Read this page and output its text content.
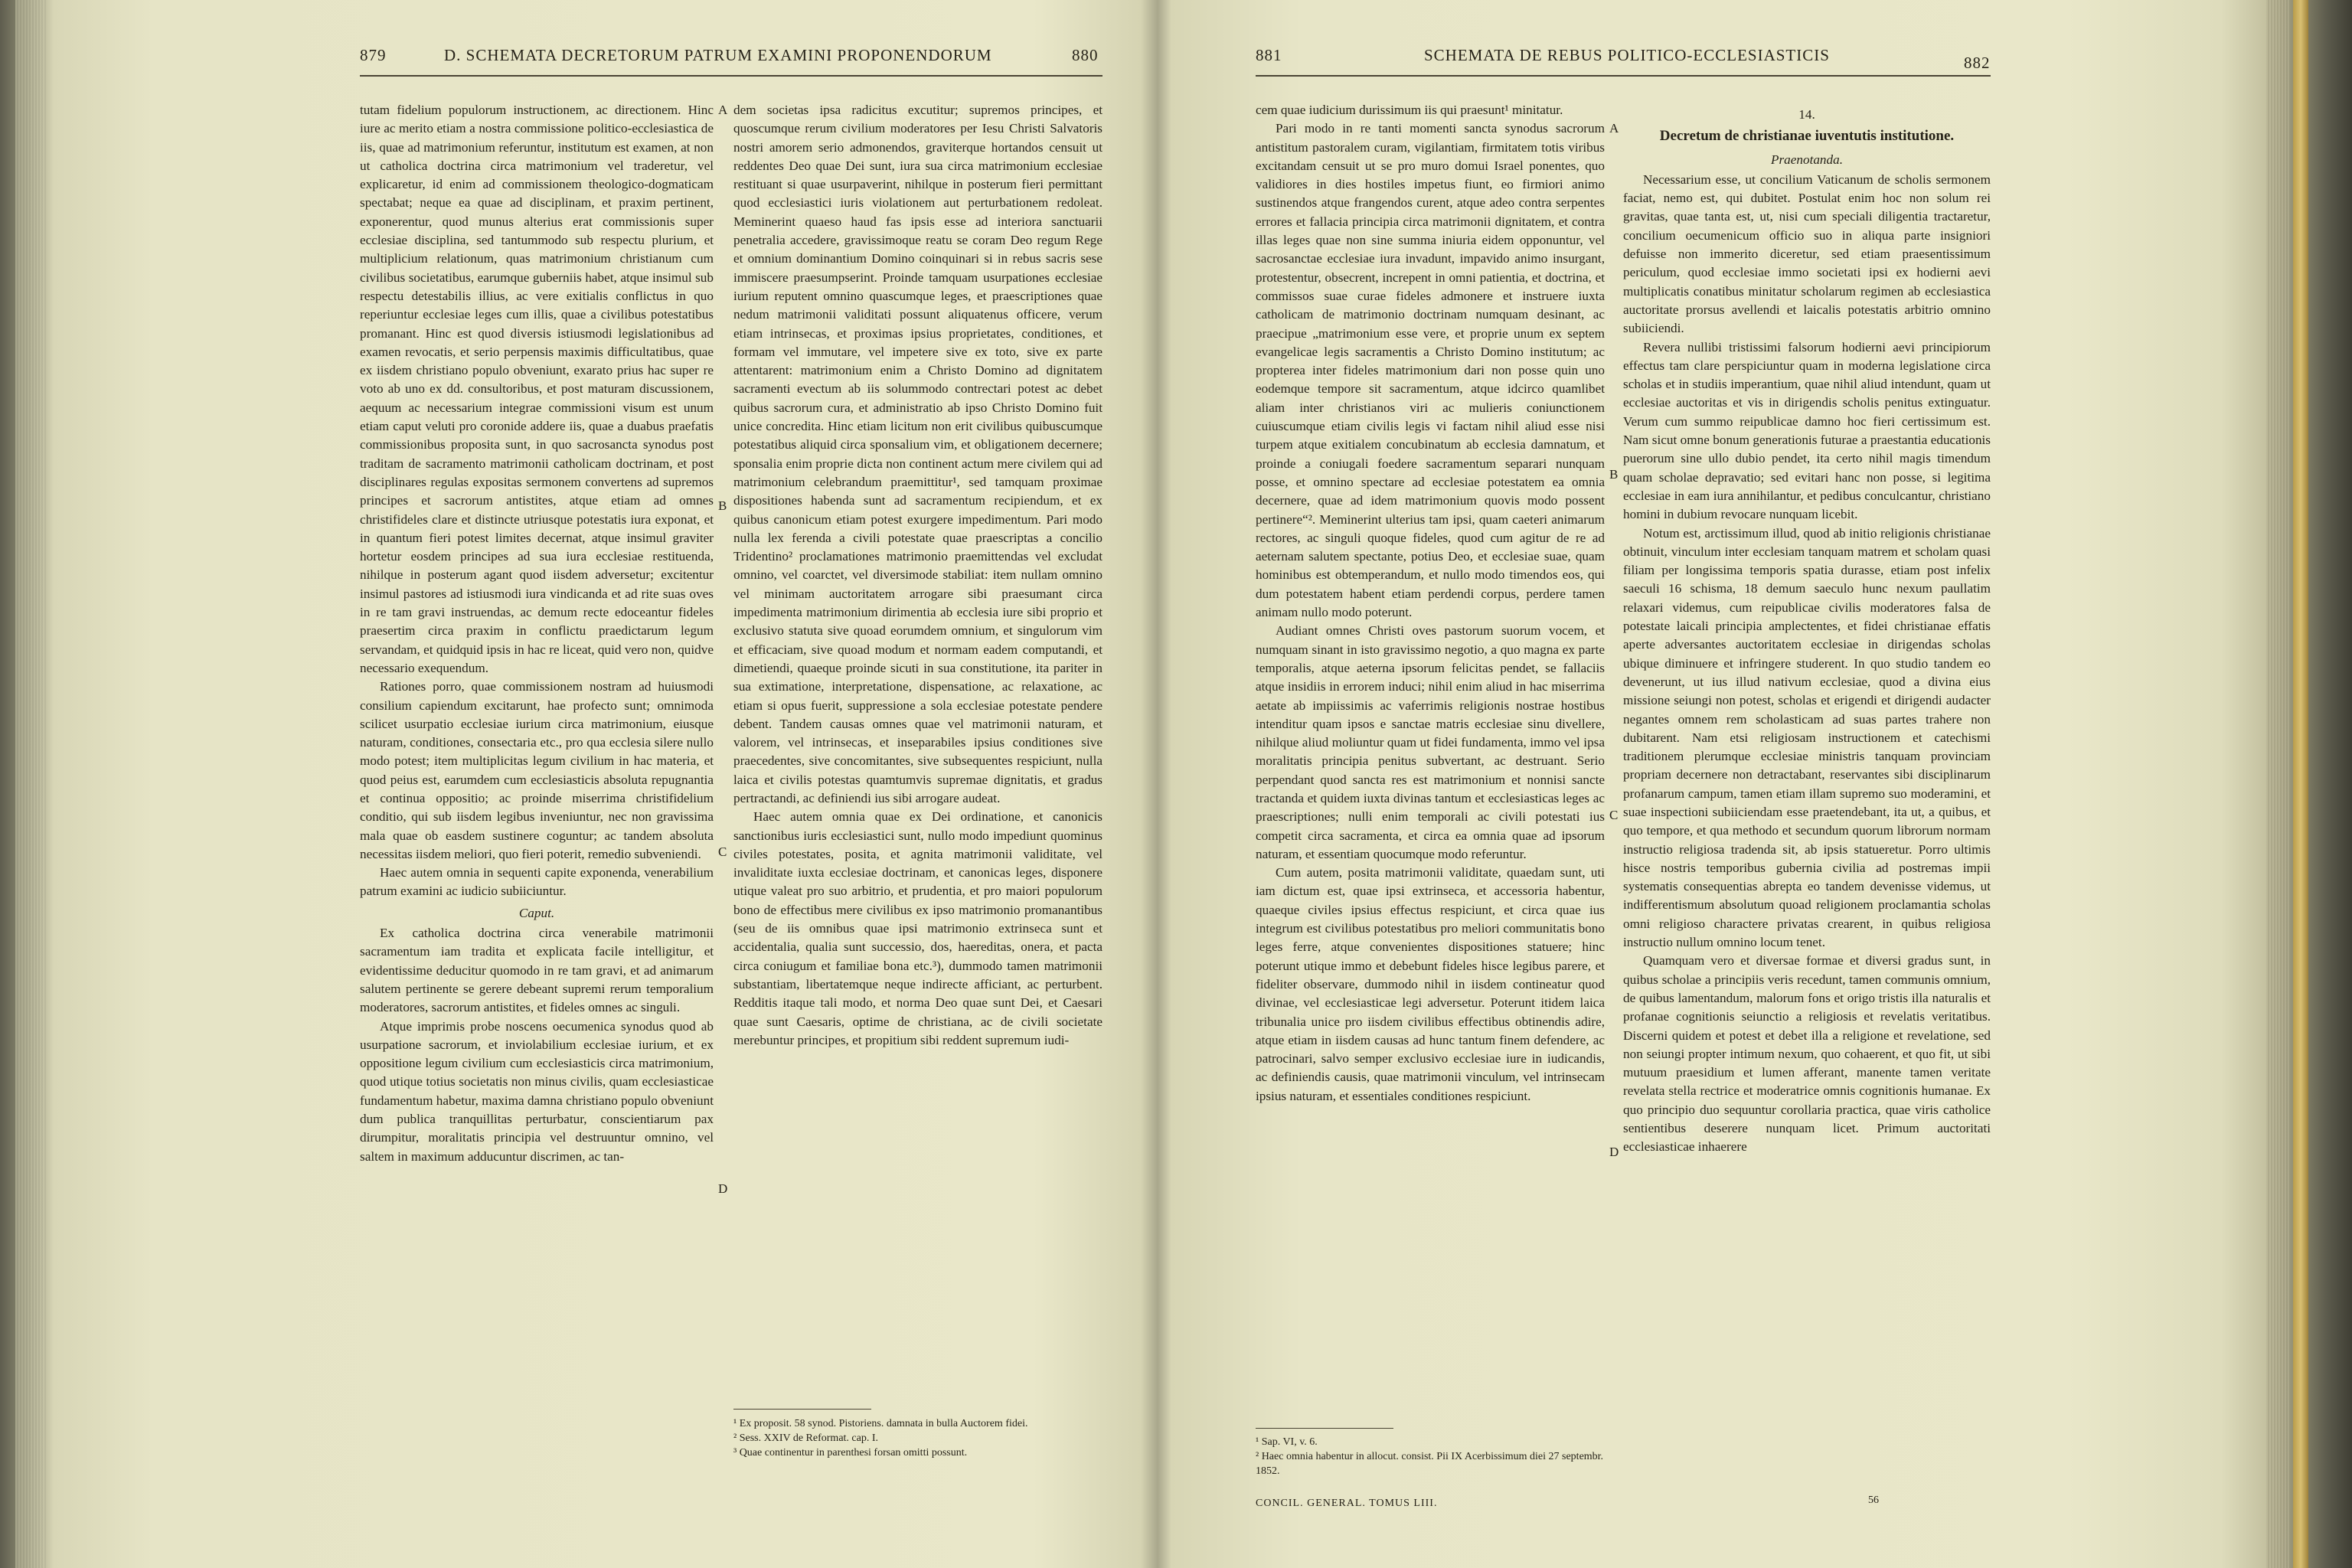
879	D. SCHEMATA DECRETORUM PATRUM EXAMINI PROPONENDORUM	880

tutam fidelium populorum instructionem, ac directionem. Hinc iure ac merito etiam a nostra commissione politico-ecclesiastica de iis, quae ad matrimonium referuntur, institutum est examen, at non ut catholica doctrina circa matrimonium vel traderetur, vel explicaretur, id enim ad commissionem theologico-dogmaticam spectabat; neque ea quae ad disciplinam, et praxim pertinent, exponerentur, quod munus alterius erat commissionis super ecclesiae disciplina, sed tantummodo sub respectu plurium, et multiplicium relationum, quas matrimonium christianum cum civilibus societatibus, earumque guberniis habet, atque insimul sub respectu detestabilis illius, ac vere exitialis conflictus in quo reperiuntur ecclesiae leges cum illis, quae a civilibus potestatibus promanant. Hinc est quod diversis istiusmodi legislationibus ad examen revocatis, et serio perpensis maximis difficultatibus, quae ex iisdem christiano populo obveniunt, exarato prius hac super re voto ab uno ex dd. consultoribus, et post maturam discussionem, aequum ac necessarium integrae commissioni visum est unum etiam caput veluti pro coronide addere iis, quae a duabus praefatis commissionibus proposita sunt, in quo sacrosancta synodus post traditam de sacramento matrimonii catholicam doctrinam, et post disciplinares regulas expositas sermonem convertens ad supremos principes et sacrorum antistites, atque etiam ad omnes christifideles clare et distincte utriusque potestatis iura exponat, et in quantum fieri potest limites decernat, atque insimul graviter hortetur eosdem principes ad sua iura ecclesiae restituenda, nihilque in posterum agant quod iisdem adversetur; excitentur insimul pastores ad istiusmodi iura vindicanda et ad rite suas oves in re tam gravi instruendas, ac demum recte edoceantur fideles praesertim circa praxim in conflictu praedictarum legum servandam, et quidquid ipsis in hac re liceat, quid vero non, quidve necessario exequendum.

Rationes porro, quae commissionem nostram ad huiusmodi consilium capiendum excitarunt, hae profecto sunt; omnimoda scilicet usurpatio ecclesiae iurium circa matrimonium, eiusque naturam, conditiones, consectaria etc., pro qua ecclesia silere nullo modo potest; item multiplicitas legum civilium in hac materia, et quod peius est, earumdem cum ecclesiasticis absoluta repugnantia et continua oppositio; ac proinde miserrima christifidelium conditio, qui sub iisdem legibus inveniuntur, nec non gravissima mala quae ob easdem sustinere coguntur; ac tandem absoluta necessitas iisdem meliori, quo fieri poterit, remedio subveniendi.

Haec autem omnia in sequenti capite exponenda, venerabilium patrum examini ac iudicio subiiciuntur.

Caput.

Ex catholica doctrina circa venerabile matrimonii sacramentum iam tradita et explicata facile intelligitur, et evidentissime deducitur quomodo in re tam gravi, et ad animarum salutem pertinente se gerere debeant supremi rerum temporalium moderatores, sacrorum antistites, et fideles omnes ac singuli.

Atque imprimis probe noscens oecumenica synodus quod ab usurpatione sacrorum, et inviolabilium ecclesiae iurium, et ex oppositione legum civilium cum ecclesiasticis circa matrimonium, quod utique totius societatis non minus civilis, quam ecclesiasticae fundamentum habetur, maxima damna christiano populo obveniunt dum publica tranquillitas perturbatur, conscientiarum pax dirumpitur, moralitatis principia vel destruuntur omnino, vel saltem in maximum adducuntur discrimen, ac tan-

A
B
C
D

dem societas ipsa radicitus excutitur; supremos principes, et quoscumque rerum civilium moderatores per Iesu Christi Salvatoris nostri amorem serio admonendos, graviterque hortandos censuit ut reddentes Deo quae Dei sunt, iura sua circa matrimonium ecclesiae restituant si quae usurpaverint, nihilque in posterum fieri permittant quod ecclesiastici iuris violationem aut perturbationem redoleat. Meminerint quaeso haud fas ipsis esse ad interiora sanctuarii penetralia accedere, gravissimoque reatu se coram Deo regum Rege et omnium dominantium Domino coinquinari si in rebus sacris sese immiscere praesumpserint. Proinde tamquam usurpationes ecclesiae iurium reputent omnino quascumque leges, et praescriptiones quae nedum matrimonii validitati possunt aliquatenus officere, verum etiam intrinsecas, et proximas ipsius proprietates, conditiones, et formam vel immutare, vel impetere sive ex toto, sive ex parte attentarent: matrimonium enim a Christo Domino ad dignitatem sacramenti evectum ab iis solummodo contrectari potest ac debet quibus sacrorum cura, et administratio ab ipso Christo Domino fuit unice concredita. Hinc etiam licitum non erit civilibus quibuscumque potestatibus aliquid circa sponsalium vim, et obligationem decernere; sponsalia enim proprie dicta non continent actum mere civilem qui ad matrimonium celebrandum praemittitur¹, sed tamquam proximae dispositiones habenda sunt ad sacramentum recipiendum, et ex quibus canonicum etiam potest exurgere impedimentum. Pari modo nulla lex ferenda a civili potestate quae praescriptas a concilio Tridentino² proclamationes matrimonio praemittendas vel excludat omnino, vel coarctet, vel diversimode stabiliat: item nullam omnino vel minimam auctoritatem arrogare sibi praesumant circa impedimenta matrimonium dirimentia ab ecclesia iure sibi proprio et exclusivo statuta sive quoad eorumdem omnium, et singulorum vim et efficaciam, sive quoad modum et normam eadem computandi, et dimetiendi, quaeque proinde sicuti in sua constitutione, ita pariter in sua extimatione, interpretatione, dispensatione, ac relaxatione, ac etiam si opus fuerit, suppressione a sola ecclesiae potestate pendere debent. Tandem causas omnes quae vel matrimonii naturam, et valorem, vel intrinsecas, et inseparabiles ipsius conditiones sive praecedentes, sive concomitantes, sive subsequentes respiciunt, nulla laica et civilis potestas quamtumvis supremae dignitatis, et gradus pertractandi, ac definiendi ius sibi arrogare audeat.

Haec autem omnia quae ex Dei ordinatione, et canonicis sanctionibus iuris ecclesiastici sunt, nullo modo impediunt quominus civiles potestates, posita, et agnita matrimonii validitate, vel invaliditate iuxta ecclesiae doctrinam, et canonicas leges, disponere utique valeat pro suo arbitrio, et prudentia, et pro maiori populorum bono de effectibus mere civilibus ex ipso matrimonio promanantibus (seu de iis omnibus quae ipsi matrimonio extrinseca sunt et accidentalia, qualia sunt successio, dos, haereditas, onera, et pacta circa coniugum et familiae bona etc.³), dummodo tamen matrimonii substantiam, libertatemque neque indirecte afficiant, ac perturbent. Redditis itaque tali modo, et norma Deo quae sunt Dei, et Caesari quae sunt Caesaris, optime de christiana, ac de civili societate merebuntur principes, et propitium sibi reddent supremum iudi-

¹ Ex proposit. 58 synod. Pistoriens. damnata in bulla Auctorem fidei.
² Sess. XXIV de Reformat. cap. I.
³ Quae continentur in parenthesi forsan omitti possunt.
881	SCHEMATA DE REBUS POLITICO-ECCLESIASTICIS	882

cem quae iudicium durissimum iis qui praesunt¹ minitatur.

Pari modo in re tanti momenti sancta synodus sacrorum antistitum pastoralem curam, vigilantiam, firmitatem totis viribus excitandam censuit ut se pro muro domui Israel ponentes, quo validiores in dies hostiles impetus fiunt, eo firmiori animo sustinendos atque frangendos curent, atque adeo contra serpentes errores et fallacia principia circa matrimonii dignitatem, et contra illas leges quae non sine summa iniuria eidem opponuntur, vel sacrosanctae ecclesiae iura invadunt, impavido animo insurgant, protestentur, obsecrent, increpent in omni patientia, et doctrina, et commissos suae curae fideles admonere et instruere iuxta catholicam de matrimonio doctrinam numquam desinant, ac praecipue „matrimonium esse vere, et proprie unum ex septem evangelicae legis sacramentis a Christo Domino institutum; ac propterea inter fideles matrimonium dari non posse quin uno eodemque tempore sit sacramentum, atque idcirco quamlibet aliam inter christianos viri ac mulieris coniunctionem cuiuscumque etiam civilis legis vi factam nihil aliud esse nisi turpem atque exitialem concubinatum ab ecclesia damnatum, et proinde a coniugali foedere sacramentum separari nunquam posse, et omnino spectare ad ecclesiae potestatem ea omnia decernere, quae ad idem matrimonium quovis modo possent pertinere“². Meminerint ulterius tam ipsi, quam caeteri animarum rectores, ac singuli quoque fideles, quod cum agitur de re ad aeternam salutem spectante, potius Deo, et ecclesiae suae, quam hominibus est obtemperandum, et nullo modo timendos eos, qui dum potestatem habent etiam perdendi corpus, perdere tamen animam nullo modo poterunt.

Audiant omnes Christi oves pastorum suorum vocem, et numquam sinant in isto gravissimo negotio, a quo magna ex parte temporalis, atque aeterna ipsorum felicitas pendet, se fallaciis atque insidiis in errorem induci; nihil enim aliud in hac miserrima aetate ab impiissimis ac vaferrimis religionis nostrae hostibus intenditur quam ipsos e sanctae matris ecclesiae sinu divellere, nihilque aliud moliuntur quam ut fidei fundamenta, immo vel ipsa moralitatis principia penitus subvertant, ac destruant. Serio perpendant quod sancta res est matrimonium et nonnisi sancte tractanda et quidem iuxta divinas tantum et ecclesiasticas leges ac praescriptiones; nulli enim temporali ac civili potestati ius competit circa sacramenta, et circa ea omnia quae ad ipsorum naturam, et essentiam quocumque modo referuntur.

Cum autem, posita matrimonii validitate, quaedam sunt, uti iam dictum est, quae ipsi extrinseca, et accessoria habentur, quaeque civiles ipsius effectus respiciunt, et circa quae ius integrum est civilibus potestatibus pro meliori communitatis bono leges ferre, atque convenientes dispositiones statuere; hinc poterunt utique immo et debebunt fideles hisce legibus parere, et fideliter observare, dummodo nihil in iisdem contineatur quod divinae, vel ecclesiasticae legi adversetur. Poterunt itidem laica tribunalia unice pro iisdem civilibus effectibus obtinendis adire, atque etiam in iisdem causas ad hunc tantum finem defendere, ac patrocinari, salvo semper exclusivo ecclesiae iure in iudicandis, ac definiendis causis, quae matrimonii vinculum, vel intrinsecam ipsius naturam, et essentiales conditiones respiciunt.

A
B
C
D

14.

Decretum de christianae iuventutis institutione.

Praenotanda.

Necessarium esse, ut concilium Vaticanum de scholis sermonem faciat, nemo est, qui dubitet. Postulat enim hoc non solum rei gravitas, quae tanta est, ut, nisi cum speciali diligentia tractaretur, concilium oecumenicum officio suo in aliqua parte insigniori defuisse non immerito diceretur, sed etiam praesentissimum periculum, quod ecclesiae immo societati ipsi ex hodierni aevi multiplicatis conatibus minitatur scholarum regimen ab ecclesiastica auctoritate prorsus avellendi et laicalis potestatis arbitrio omnino subiiciendi.

Revera nullibi tristissimi falsorum hodierni aevi principiorum effectus tam clare perspiciuntur quam in moderna legislatione circa scholas et in studiis imperantium, quae nihil aliud intendunt, quam ut ecclesiae auctoritas et vis in dirigendis scholis penitus extinguatur. Verum cum summo reipublicae damno hoc fieri certissimum est. Nam sicut omne bonum generationis futurae a praestantia educationis puerorum sine ullo dubio pendet, ita certo nihil magis timendum quam scholae depravatio; sed evitari hanc non posse, si legitima ecclesiae in eam iura annihilantur, et pedibus conculcantur, christiano homini in dubium revocare nunquam licebit.

Notum est, arctissimum illud, quod ab initio religionis christianae obtinuit, vinculum inter ecclesiam tanquam matrem et scholam quasi filiam per longissima temporis spatia durasse, etiam post infelix saeculi 16 schisma, 18 demum saeculo hunc nexum paullatim relaxari videmus, cum reipublicae civilis moderatores falsa de potestate laicali principia amplectentes, et fidei christianae effatis aperte adversantes auctoritatem ecclesiae in dirigendas scholas ubique diminuere et infringere studerent. In quo studio tandem eo devenerunt, ut ius illud nativum ecclesiae, quod a divina eius missione seiungi non potest, scholas et erigendi et dirigendi audacter negantes omnem rem scholasticam ad suas partes trahere non dubitarent. Nam etsi religiosam instructionem et catechismi traditionem plerumque ecclesiae ministris tanquam provinciam propriam decernere non detractabant, reservantes sibi disciplinarum profanarum campum, tamen etiam illam supremo suo moderamini, et suae inspectioni subiiciendam esse praetendebant, ita ut, a quibus, et quo tempore, et qua methodo et secundum quorum librorum normam instructio religiosa tradenda sit, ab ipsis statueretur. Porro ultimis hisce nostris temporibus gubernia civilia ad postremas impii systematis consequentias abrepta eo tandem devenisse videmus, ut indifferentismum absolutum quoad religionem proclamantia scholas omni religioso charactere privatas crearent, in quibus religiosa instructio nullum omnino locum tenet.

Quamquam vero et diversae formae et diversi gradus sunt, in quibus scholae a principiis veris recedunt, tamen communis omnium, de quibus lamentandum, malorum fons et origo tristis illa naturalis et profanae cognitionis seiunctio a religiosis et revelatis veritatibus. Discerni quidem et potest et debet illa a religione et revelatione, sed non seiungi propter intimum nexum, quo cohaerent, et quo fit, ut sibi mutuum praesidium et lumen afferant, manente tamen veritate revelata stella rectrice et moderatrice omnis cognitionis humanae. Ex quo principio duo sequuntur corollaria practica, quae viris catholice sentientibus deserere nunquam licet. Primum auctoritati ecclesiasticae inhaerere

¹ Sap. VI, v. 6.
² Haec omnia habentur in allocut. consist. Pii IX Acerbissimum diei 27 septembr. 1852.
CONCIL. GENERAL. TOMUS LIII.	56
